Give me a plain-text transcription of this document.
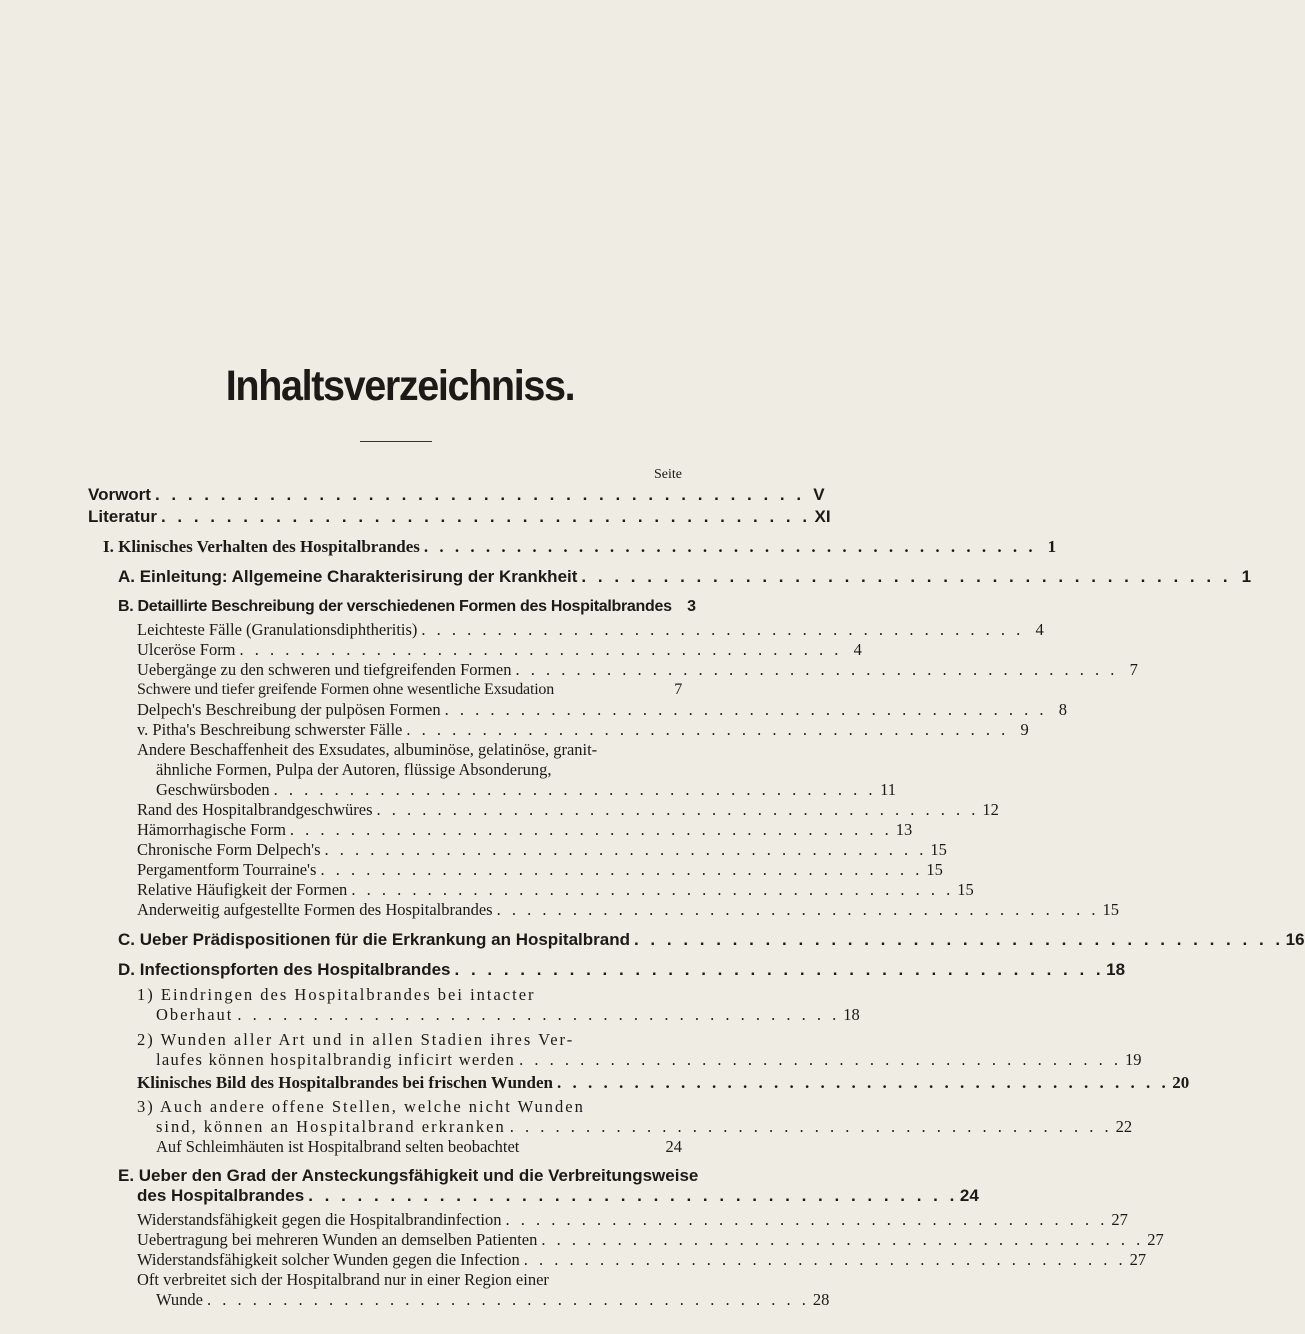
Inhaltsverzeichniss.
Seite
Vorwort . . . . . . . . . . . . . . . . . . . . . . . . . . . . . . . . . . . . . . . . V
Literatur . . . . . . . . . . . . . . . . . . . . . . . . . . . . . . . . . . . . . . . . XI
I. Klinisches Verhalten des Hospitalbrandes . . . . . . . . . . . . . . . . . . . . . . . . . . . . . . . . . . . . . . . . 1
A. Einleitung: Allgemeine Charakterisirung der Krankheit . . . . . . . . . . . . . . . . . . . . . . . . . . . . . . . . . . . . . . . . 1
B. Detaillirte Beschreibung der verschiedenen Formen des Hospitalbrandes 3
Leichteste Fälle (Granulationsdiphtheritis) . . . . . . . . . . . . . . . . . . . . . . . . . . . . . . . . . . . . . . . . 4
Ulceröse Form . . . . . . . . . . . . . . . . . . . . . . . . . . . . . . . . . . . . . . . . 4
Uebergänge zu den schweren und tiefgreifenden Formen . . . . . . . . . . . . . . . . . . . . . . . . . . . . . . . . . . . . . . . . 7
Schwere und tiefer greifende Formen ohne wesentliche Exsudation	7
Delpech's Beschreibung der pulpösen Formen . . . . . . . . . . . . . . . . . . . . . . . . . . . . . . . . . . . . . . . . 8
v. Pitha's Beschreibung schwerster Fälle . . . . . . . . . . . . . . . . . . . . . . . . . . . . . . . . . . . . . . . . 9
Andere Beschaffenheit des Exsudates, albuminöse, gelatinöse, granit-
ähnliche Formen, Pulpa der Autoren, flüssige Absonderung,
Geschwürsboden . . . . . . . . . . . . . . . . . . . . . . . . . . . . . . . . . . . . . . . . 11
Rand des Hospitalbrandgeschwüres . . . . . . . . . . . . . . . . . . . . . . . . . . . . . . . . . . . . . . . . 12
Hämorrhagische Form . . . . . . . . . . . . . . . . . . . . . . . . . . . . . . . . . . . . . . . . 13
Chronische Form Delpech's . . . . . . . . . . . . . . . . . . . . . . . . . . . . . . . . . . . . . . . . 15
Pergamentform Tourraine's . . . . . . . . . . . . . . . . . . . . . . . . . . . . . . . . . . . . . . . . 15
Relative Häufigkeit der Formen . . . . . . . . . . . . . . . . . . . . . . . . . . . . . . . . . . . . . . . . 15
Anderweitig aufgestellte Formen des Hospitalbrandes . . . . . . . . . . . . . . . . . . . . . . . . . . . . . . . . . . . . . . . . 15
C. Ueber Prädispositionen für die Erkrankung an Hospitalbrand . . . . . . . . . . . . . . . . . . . . . . . . . . . . . . . . . . . . . . . . 16
D. Infectionspforten des Hospitalbrandes . . . . . . . . . . . . . . . . . . . . . . . . . . . . . . . . . . . . . . . . 18
1) Eindringen des Hospitalbrandes bei intacter
Oberhaut . . . . . . . . . . . . . . . . . . . . . . . . . . . . . . . . . . . . . . . . 18
2) Wunden aller Art und in allen Stadien ihres Ver-
laufes können hospitalbrandig inficirt werden . . . . . . . . . . . . . . . . . . . . . . . . . . . . . . . . . . . . . . . . 19
Klinisches Bild des Hospitalbrandes bei frischen Wunden . . . . . . . . . . . . . . . . . . . . . . . . . . . . . . . . . . . . . . . . 20
3) Auch andere offene Stellen, welche nicht Wunden
sind, können an Hospitalbrand erkranken . . . . . . . . . . . . . . . . . . . . . . . . . . . . . . . . . . . . . . . . 22
Auf Schleimhäuten ist Hospitalbrand selten beobachtet	24
E. Ueber den Grad der Ansteckungsfähigkeit und die Verbreitungsweise
des Hospitalbrandes . . . . . . . . . . . . . . . . . . . . . . . . . . . . . . . . . . . . . . . . 24
Widerstandsfähigkeit gegen die Hospitalbrandinfection . . . . . . . . . . . . . . . . . . . . . . . . . . . . . . . . . . . . . . . . 27
Uebertragung bei mehreren Wunden an demselben Patienten . . . . . . . . . . . . . . . . . . . . . . . . . . . . . . . . . . . . . . . . 27
Widerstandsfähigkeit solcher Wunden gegen die Infection . . . . . . . . . . . . . . . . . . . . . . . . . . . . . . . . . . . . . . . . 27
Oft verbreitet sich der Hospitalbrand nur in einer Region einer
Wunde . . . . . . . . . . . . . . . . . . . . . . . . . . . . . . . . . . . . . . . . 28
